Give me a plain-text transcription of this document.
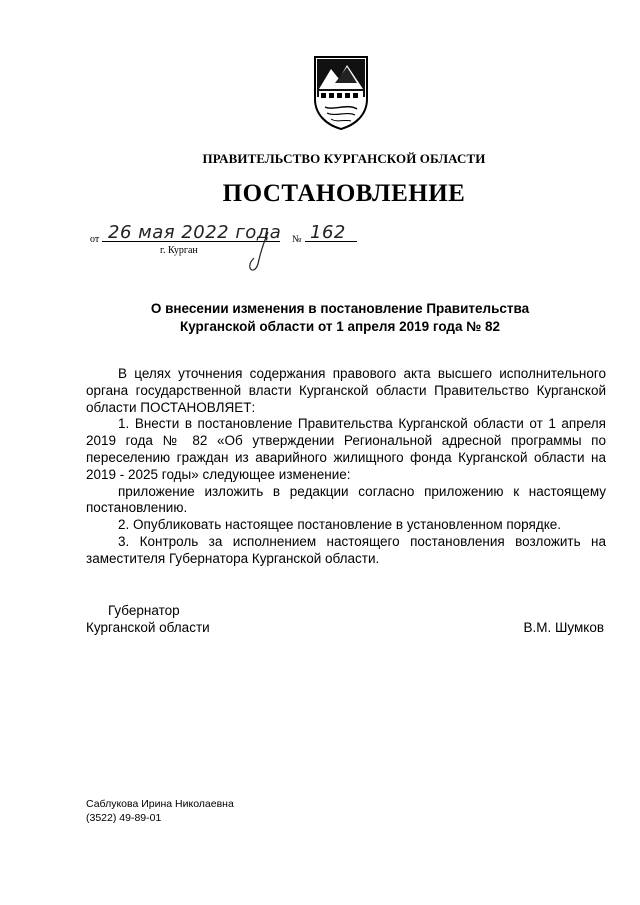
ПРАВИТЕЛЬСТВО КУРГАНСКОЙ ОБЛАСТИ
ПОСТАНОВЛЕНИЕ
от 26 мая 2022 года № 162
г. Курган
О внесении изменения в постановление Правительства
Курганской области от 1 апреля 2019 года № 82

В целях уточнения содержания правового акта высшего исполнительного органа государственной власти Курганской области Правительство Курганской области ПОСТАНОВЛЯЕТ:

1. Внести в постановление Правительства Курганской области от 1 апреля 2019 года № 82 «Об утверждении Региональной адресной программы по переселению граждан из аварийного жилищного фонда Курганской области на 2019 - 2025 годы» следующее изменение:

приложение изложить в редакции согласно приложению к настоящему постановлению.

2. Опубликовать настоящее постановление в установленном порядке.

3. Контроль за исполнением настоящего постановления возложить на заместителя Губернатора Курганской области.

Губернатор
Курганской области	В.М. Шумков
Саблукова Ирина Николаевна
(3522) 49-89-01
